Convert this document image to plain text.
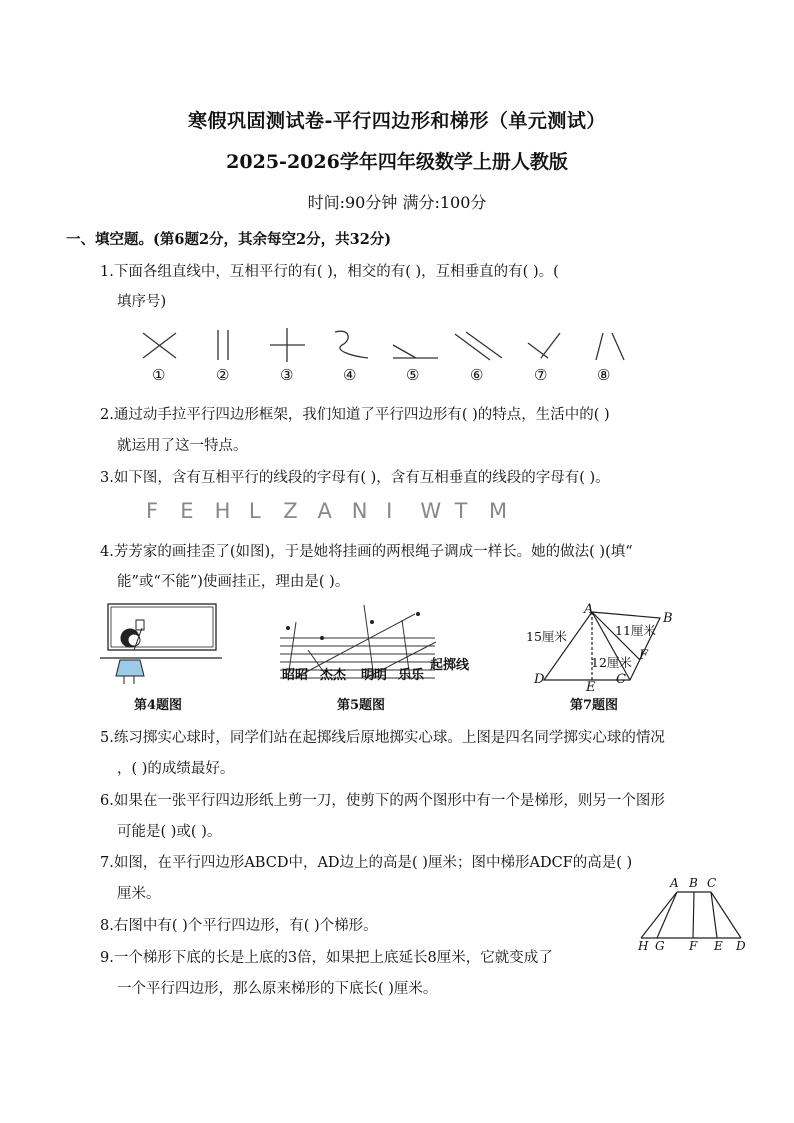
寒假巩固测试卷-平行四边形和梯形（单元测试）
2025-2026学年四年级数学上册人教版
时间:90分钟 满分:100分
一、填空题。(第6题2分，其余每空2分，共32分)
1.下面各组直线中，互相平行的有( )，相交的有( )，互相垂直的有( )。(
填序号)
①	②	③	④	⑤	⑥	⑦	⑧
2.通过动手拉平行四边形框架，我们知道了平行四边形有( )的特点，生活中的( )
就运用了这一特点。
3.如下图，含有互相平行的线段的字母有( )，含有互相垂直的线段的字母有( )。
F E H L Z A N I W T M
4.芳芳家的画挂歪了(如图)，于是她将挂画的两根绳子调成一样长。她的做法( )(填“
能”或“不能”)使画挂正，理由是( )。
第4题图
昭昭 杰杰 明明 乐乐
起掷线
第5题图
A
B
C
D
E
F
15厘米	11厘米
12厘米
第7题图
5.练习掷实心球时，同学们站在起掷线后原地掷实心球。上图是四名同学掷实心球的情况
，( )的成绩最好。
6.如果在一张平行四边形纸上剪一刀，使剪下的两个图形中有一个是梯形，则另一个图形
可能是( )或( )。
7.如图，在平行四边形ABCD中，AD边上的高是( )厘米；图中梯形ADCF的高是( )
厘米。
8.右图中有( )个平行四边形，有( )个梯形。
9.一个梯形下底的长是上底的3倍，如果把上底延长8厘米，它就变成了
一个平行四边形，那么原来梯形的下底长( )厘米。
A B C
H G F E D
